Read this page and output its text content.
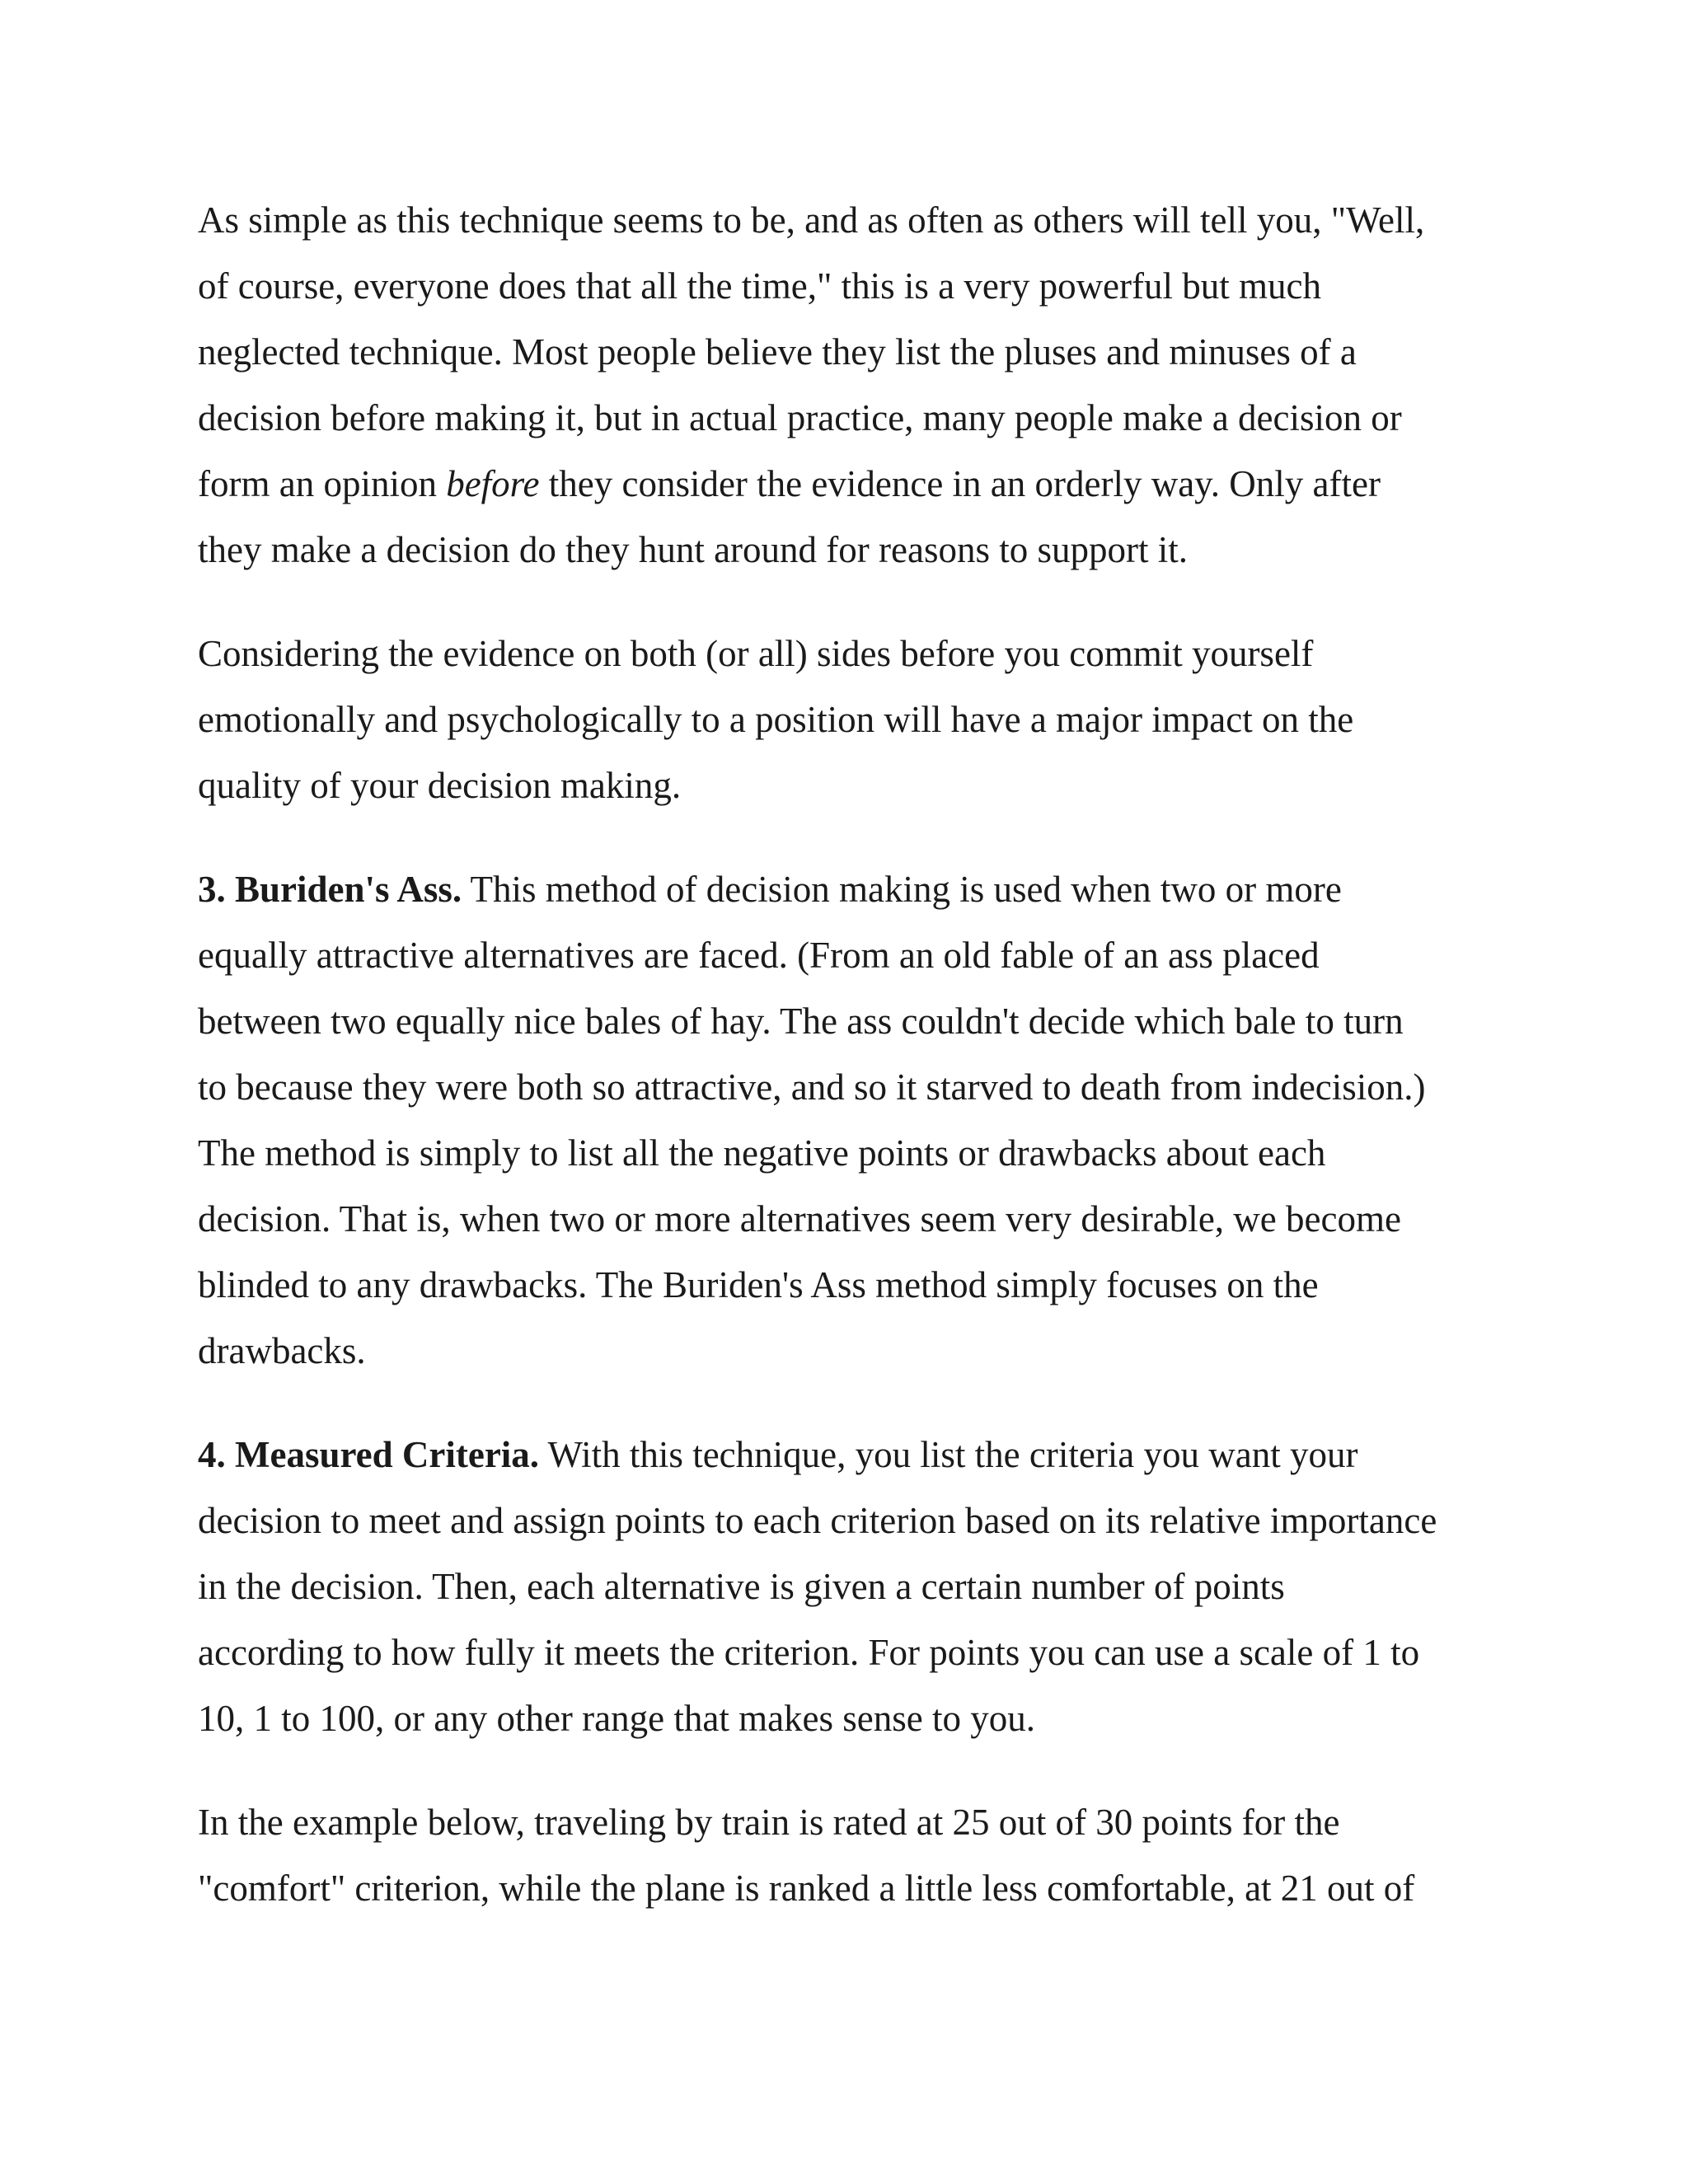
As simple as this technique seems to be, and as often as others will tell you, "Well,
of course, everyone does that all the time," this is a very powerful but much
neglected technique. Most people believe they list the pluses and minuses of a
decision before making it, but in actual practice, many people make a decision or
form an opinion before they consider the evidence in an orderly way. Only after
they make a decision do they hunt around for reasons to support it.

Considering the evidence on both (or all) sides before you commit yourself
emotionally and psychologically to a position will have a major impact on the
quality of your decision making.

3. Buriden's Ass. This method of decision making is used when two or more
equally attractive alternatives are faced. (From an old fable of an ass placed
between two equally nice bales of hay. The ass couldn't decide which bale to turn
to because they were both so attractive, and so it starved to death from indecision.)
The method is simply to list all the negative points or drawbacks about each
decision. That is, when two or more alternatives seem very desirable, we become
blinded to any drawbacks. The Buriden's Ass method simply focuses on the
drawbacks.

4. Measured Criteria. With this technique, you list the criteria you want your
decision to meet and assign points to each criterion based on its relative importance
in the decision. Then, each alternative is given a certain number of points
according to how fully it meets the criterion. For points you can use a scale of 1 to
10, 1 to 100, or any other range that makes sense to you.

In the example below, traveling by train is rated at 25 out of 30 points for the
"comfort" criterion, while the plane is ranked a little less comfortable, at 21 out of
